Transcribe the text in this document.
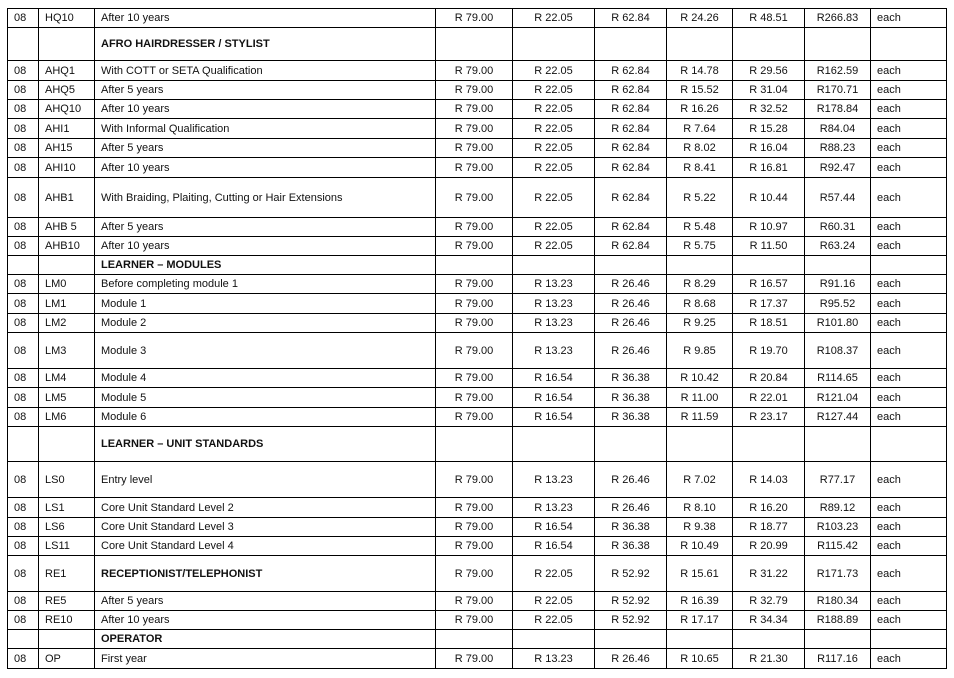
08	HQ10	After 10 years	R 79.00	R 22.05	R 62.84	R 24.26	R 48.51	R266.83	each
		AFRO HAIRDRESSER / STYLIST							
08	AHQ1	With COTT or SETA Qualification	R 79.00	R 22.05	R 62.84	R 14.78	R 29.56	R162.59	each
08	AHQ5	After 5 years	R 79.00	R 22.05	R 62.84	R 15.52	R 31.04	R170.71	each
08	AHQ10	After 10 years	R 79.00	R 22.05	R 62.84	R 16.26	R 32.52	R178.84	each
08	AHI1	With Informal Qualification	R 79.00	R 22.05	R 62.84	R 7.64	R 15.28	R84.04	each
08	AH15	After 5 years	R 79.00	R 22.05	R 62.84	R 8.02	R 16.04	R88.23	each
08	AHI10	After 10 years	R 79.00	R 22.05	R 62.84	R 8.41	R 16.81	R92.47	each
08	AHB1	With Braiding, Plaiting, Cutting or Hair Extensions	R 79.00	R 22.05	R 62.84	R 5.22	R 10.44	R57.44	each
08	AHB 5	After 5 years	R 79.00	R 22.05	R 62.84	R 5.48	R 10.97	R60.31	each
08	AHB10	After 10 years	R 79.00	R 22.05	R 62.84	R 5.75	R 11.50	R63.24	each
		LEARNER – MODULES							
08	LM0	Before completing module 1	R 79.00	R 13.23	R 26.46	R 8.29	R 16.57	R91.16	each
08	LM1	Module 1	R 79.00	R 13.23	R 26.46	R 8.68	R 17.37	R95.52	each
08	LM2	Module 2	R 79.00	R 13.23	R 26.46	R 9.25	R 18.51	R101.80	each
08	LM3	Module 3	R 79.00	R 13.23	R 26.46	R 9.85	R 19.70	R108.37	each
08	LM4	Module 4	R 79.00	R 16.54	R 36.38	R 10.42	R 20.84	R114.65	each
08	LM5	Module 5	R 79.00	R 16.54	R 36.38	R 11.00	R 22.01	R121.04	each
08	LM6	Module 6	R 79.00	R 16.54	R 36.38	R 11.59	R 23.17	R127.44	each
		LEARNER – UNIT STANDARDS							
08	LS0	Entry level	R 79.00	R 13.23	R 26.46	R 7.02	R 14.03	R77.17	each
08	LS1	Core Unit Standard Level 2	R 79.00	R 13.23	R 26.46	R 8.10	R 16.20	R89.12	each
08	LS6	Core Unit Standard Level 3	R 79.00	R 16.54	R 36.38	R 9.38	R 18.77	R103.23	each
08	LS11	Core Unit Standard Level 4	R 79.00	R 16.54	R 36.38	R 10.49	R 20.99	R115.42	each
08	RE1	RECEPTIONIST/TELEPHONIST	R 79.00	R 22.05	R 52.92	R 15.61	R 31.22	R171.73	each
08	RE5	After 5 years	R 79.00	R 22.05	R 52.92	R 16.39	R 32.79	R180.34	each
08	RE10	After 10 years	R 79.00	R 22.05	R 52.92	R 17.17	R 34.34	R188.89	each
		OPERATOR							
08	OP	First year	R 79.00	R 13.23	R 26.46	R 10.65	R 21.30	R117.16	each
